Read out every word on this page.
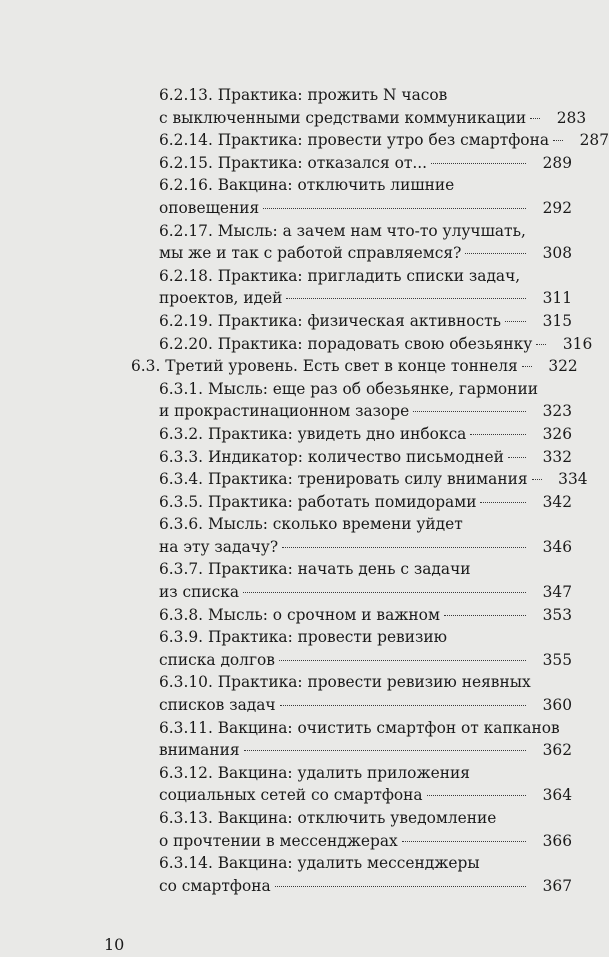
6.2.13. Практика: прожить N часов
с выключенными средствами коммуникации	283
6.2.14. Практика: провести утро без смартфона	287
6.2.15. Практика: отказался от...	289
6.2.16. Вакцина: отключить лишние
оповещения	292
6.2.17. Мысль: а зачем нам что-то улучшать,
мы же и так с работой справляемся?	308
6.2.18. Практика: пригладить списки задач,
проектов, идей	311
6.2.19. Практика: физическая активность	315
6.2.20. Практика: порадовать свою обезьянку	316
6.3. Третий уровень. Есть свет в конце тоннеля	322
6.3.1. Мысль: еще раз об обезьянке, гармонии
и прокрастинационном зазоре	323
6.3.2. Практика: увидеть дно инбокса	326
6.3.3. Индикатор: количество письмодней	332
6.3.4. Практика: тренировать силу внимания	334
6.3.5. Практика: работать помидорами	342
6.3.6. Мысль: сколько времени уйдет
на эту задачу?	346
6.3.7. Практика: начать день с задачи
из списка	347
6.3.8. Мысль: о срочном и важном	353
6.3.9. Практика: провести ревизию
списка долгов	355
6.3.10. Практика: провести ревизию неявных
списков задач	360
6.3.11. Вакцина: очистить смартфон от капканов
внимания	362
6.3.12. Вакцина: удалить приложения
социальных сетей со смартфона	364
6.3.13. Вакцина: отключить уведомление
о прочтении в мессенджерах	366
6.3.14. Вакцина: удалить мессенджеры
со смартфона	367
10
